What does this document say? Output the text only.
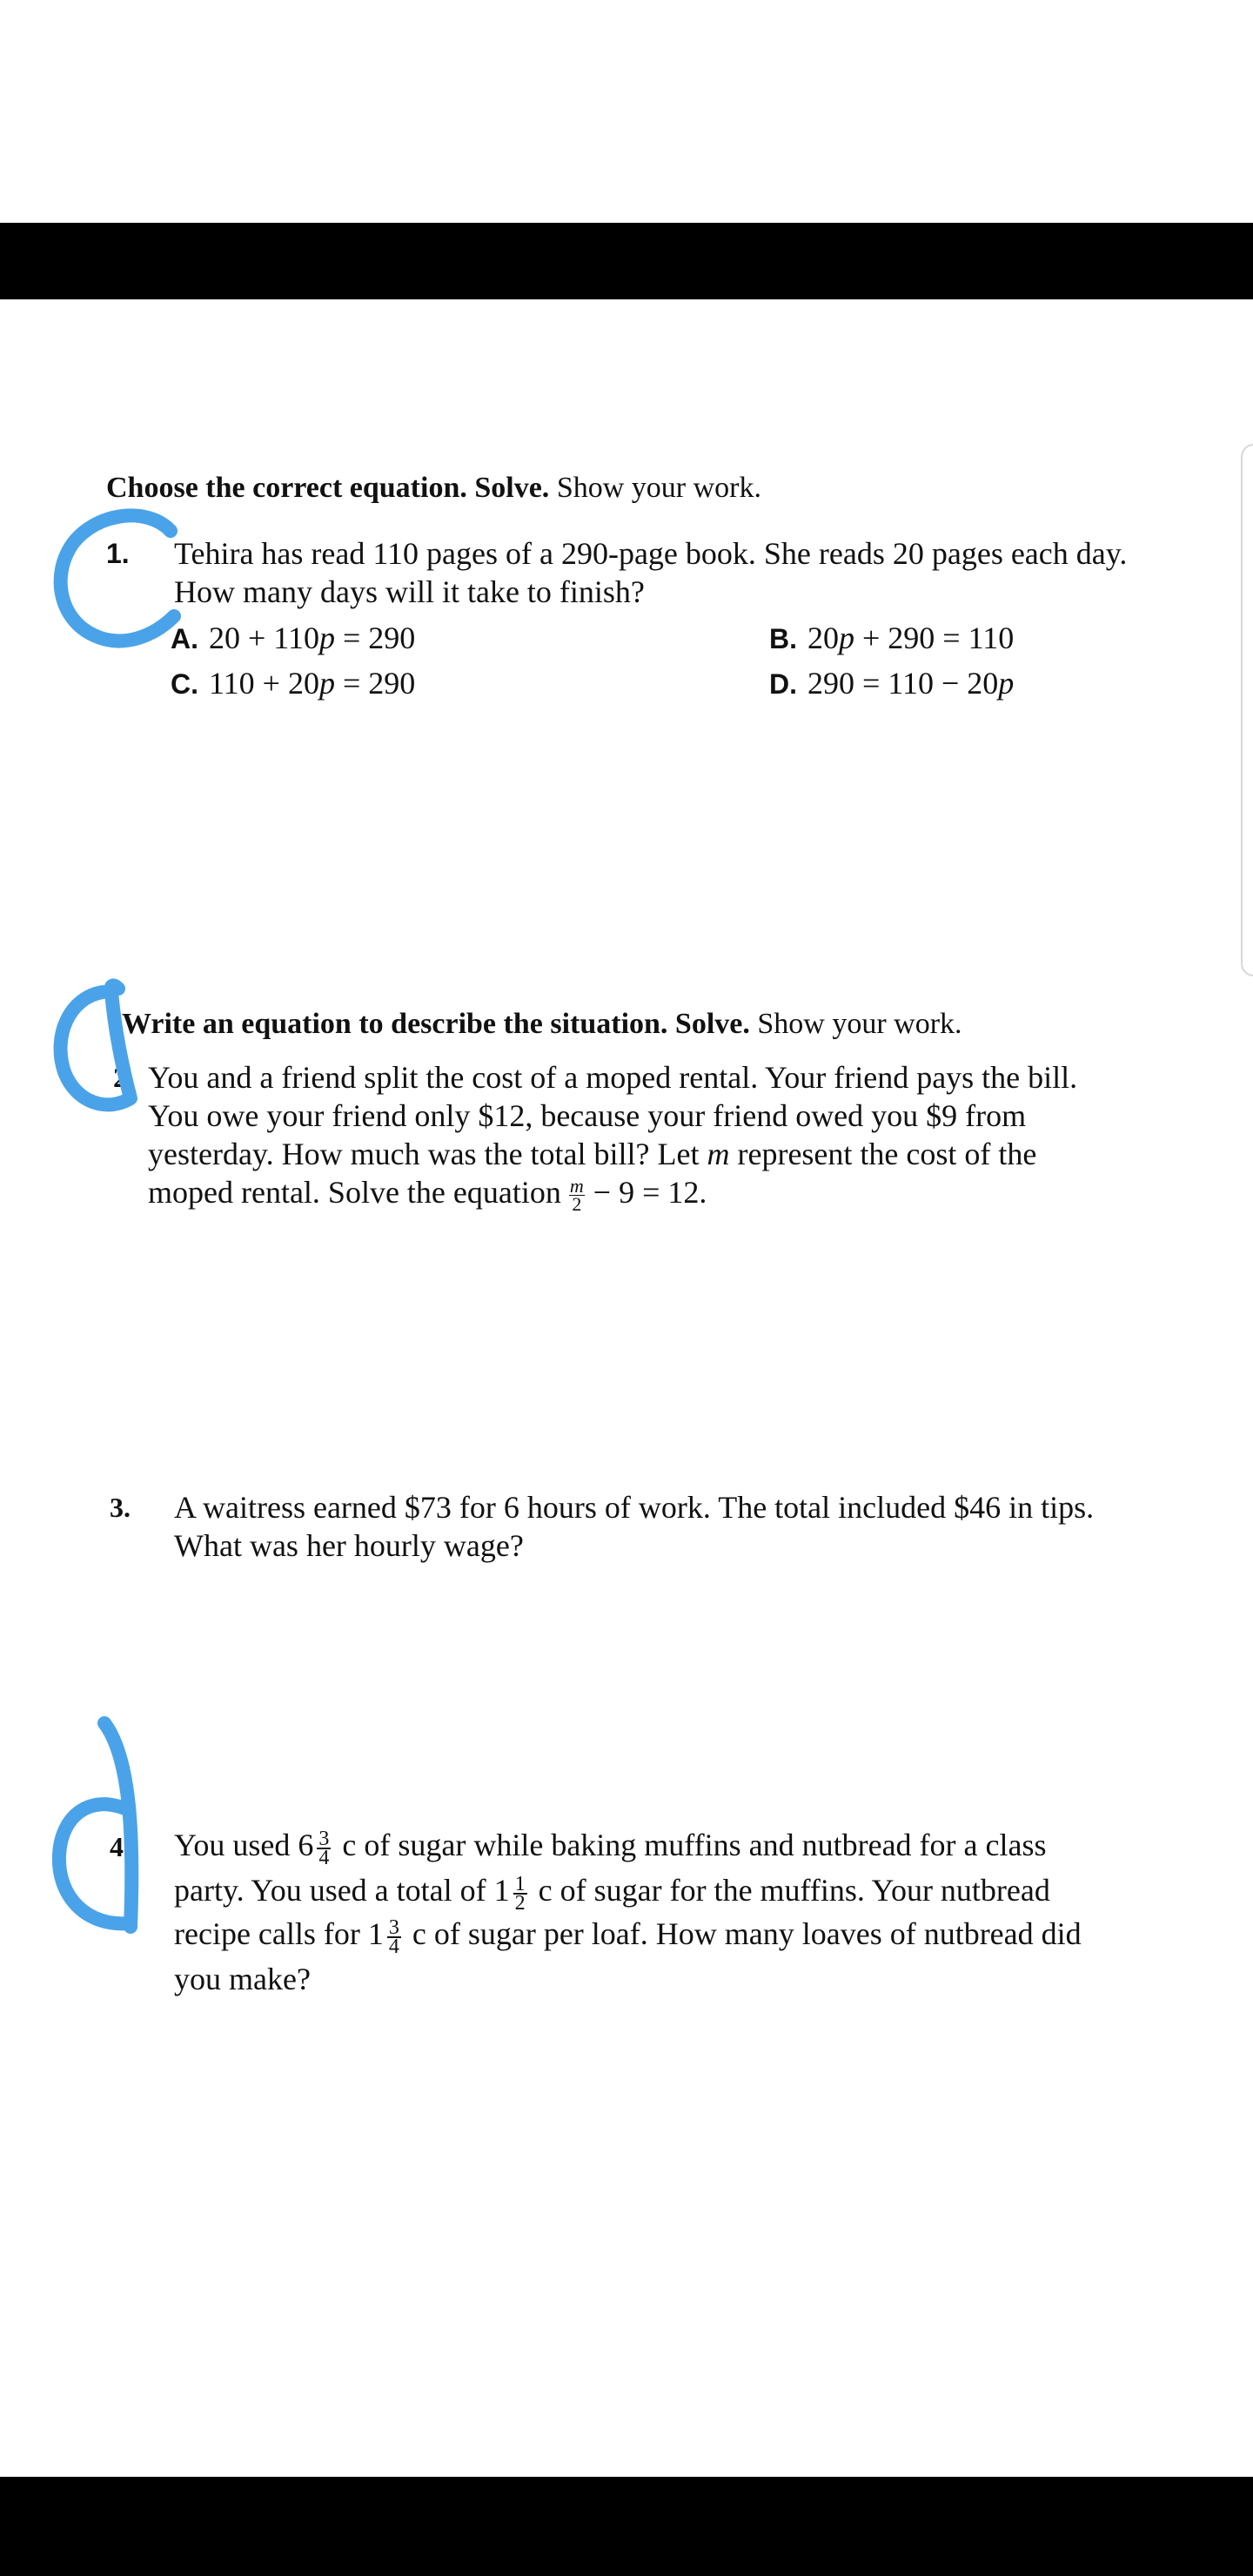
Choose the correct equation. Solve. Show your work.
1. Tehira has read 110 pages of a 290-page book. She reads 20 pages each day.
How many days will it take to finish?
A. 20 + 110p = 290	B. 20p + 290 = 110
C. 110 + 20p = 290	D. 290 = 110 − 20p
Write an equation to describe the situation. Solve. Show your work.
2. You and a friend split the cost of a moped rental. Your friend pays the bill.
You owe your friend only $12, because your friend owed you $9 from
yesterday. How much was the total bill? Let m represent the cost of the
moped rental. Solve the equation $\frac{m}{2} - 9 = 12$.
3. A waitress earned $73 for 6 hours of work. The total included $46 in tips.
What was her hourly wage?
4. You used $6 \frac{3}{4}$ c of sugar while baking muffins and nutbread for a class
party. You used a total of $1 \frac{1}{2}$ c of sugar for the muffins. Your nutbread
recipe calls for $1 \frac{3}{4}$ c of sugar per loaf. How many loaves of nutbread did
you make?
